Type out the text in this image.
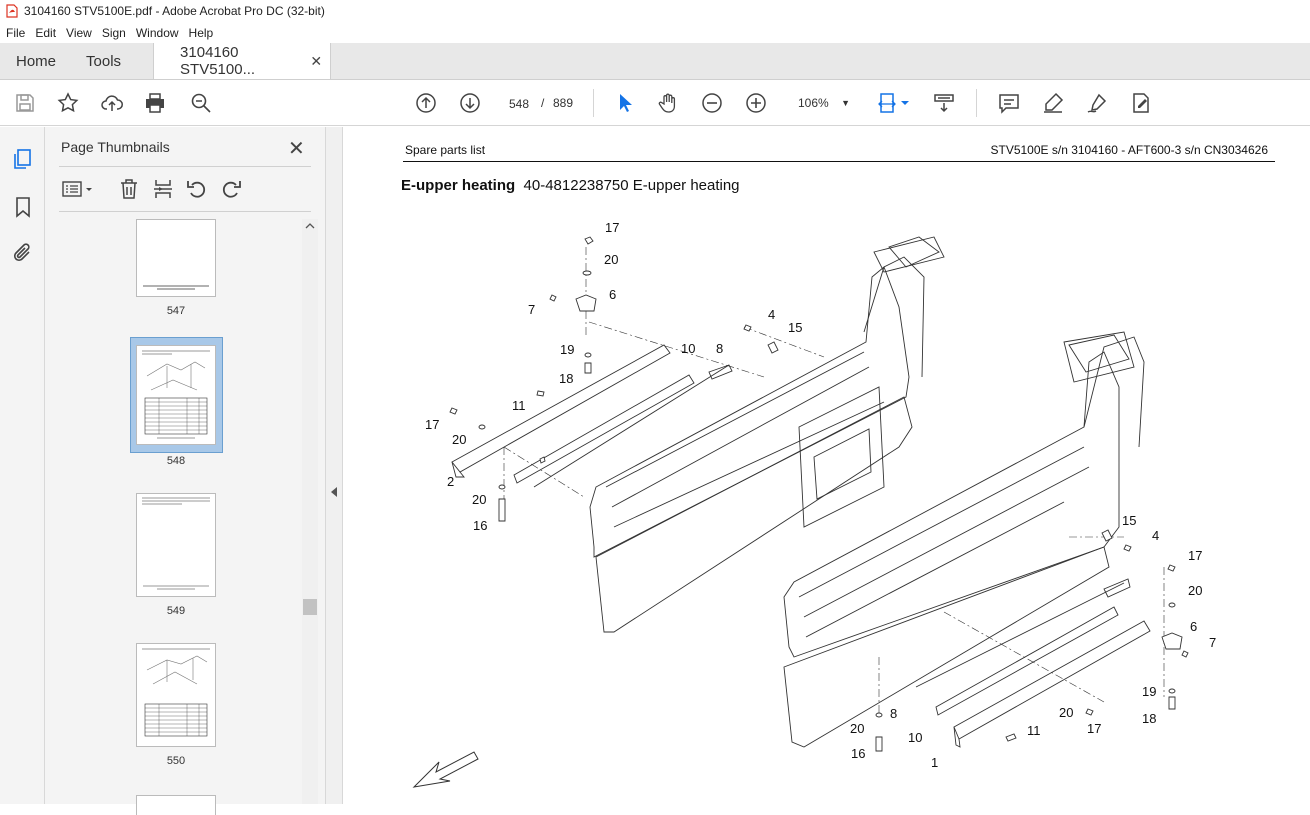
3104160 STV5100E.pdf - Adobe Acrobat Pro DC (32-bit)
File Edit View Sign Window Help
Home	Tools	3104160 STV5100...
✕
548 / 889	106% ▼
Page Thumbnails	✕
547
548
549
550
Spare parts list	STV5100E s/n 3104160 - AFT600-3 s/n CN3034626
E-upper heating 40-4812238750 E-upper heating
17
20
6
7	4
15
19	10 8
18
11
17
20
2
20
16	15
4
17
20
6
7
19
18
8	20
17
20
10	11
16
1
